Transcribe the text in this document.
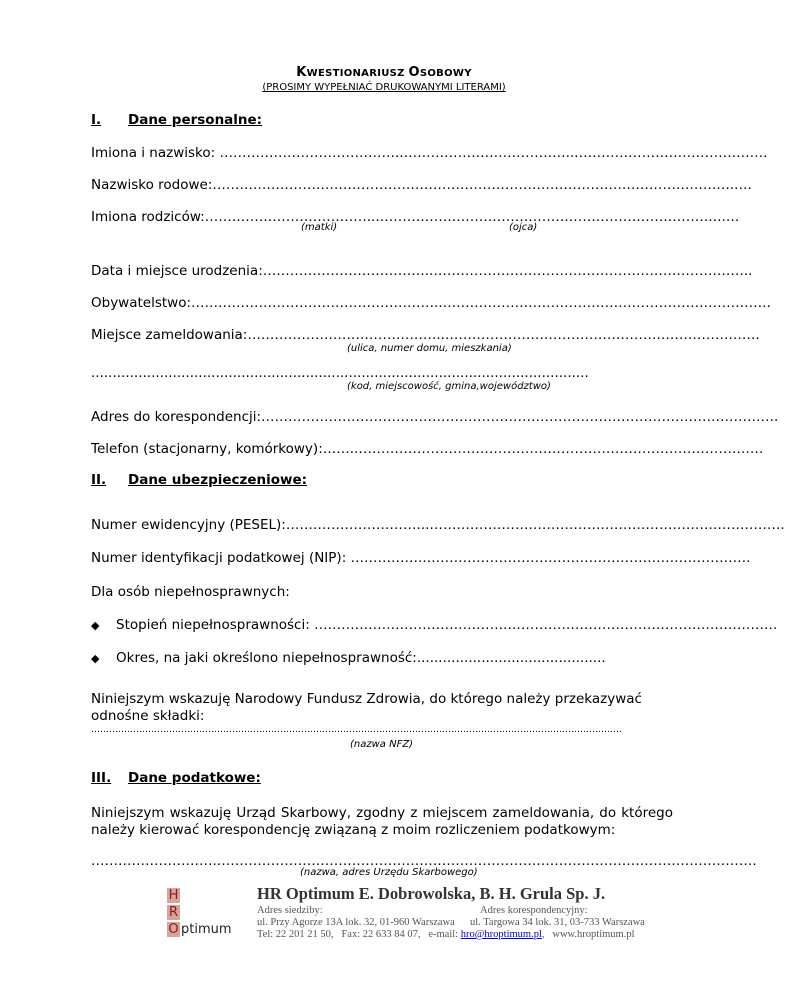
KWESTIONARIUSZ OSOBOWY
(PROSIMY WYPEŁNIAĆ DRUKOWANYMI LITERAMI)
I. Dane personalne:
Imiona i nazwisko: …………………………………..………………………………..…………………………………….
Nazwisko rodowe:……………………………………………………………………………………………………..….
Imiona rodziców:………………………………..…………………………………………………………………..….
(matki)	(ojca)
Data i miejsce urodzenia:………………………………..……………………………………………………………..
Obywatelstwo:………………………………………………..……………………………………………………………….
Miejsce zameldowania:……………………………………..…………………………………………………………….
(ulica, numer domu, mieszkania)
....................................................................................................................
(kod, miejscowość, gmina,województwo)
Adres do korespondencji:…………………………………………………………………………………………………….
Telefon (stacjonarny, komórkowy):……..………………………………………………………………………………
II. Dane ubezpieczeniowe:
Numer ewidencyjny (PESEL):…………………………..…………………………………………………………………….
Numer identyfikacji podatkowej (NIP): ……………..………………………………………………………………
Dla osób niepełnosprawnych:
◆ Stopień niepełnosprawności: …………………………………….……………………………………………………
◆ Okres, na jaki określono niepełnosprawność:............................................
Niniejszym wskazuję Narodowy Fundusz Zdrowia, do którego należy przekazywać odnośne składki:
……………………………………………………………………………………………………………………………………………………………
(nazwa NFZ)
III. Dane podatkowe:
Niniejszym wskazuję Urząd Skarbowy, zgodny z miejscem zameldowania, do którego należy kierować korespondencję związaną z moim rozliczeniem podatkowym:
……………………….…………………………………………………………………………………………………………
(nazwa, adres Urzędu Skarbowego)
H
R
O ptimum
HR Optimum E. Dobrowolska, B. H. Grula Sp. J.
Adres siedziby:	Adres korespondencyjny:
ul. Przy Agorze 13A lok. 32, 01-960 Warszawa ul. Targowa 34 lok. 31, 03-733 Warszawa
Tel: 22 201 21 50, Fax: 22 633 84 07, e-mail: hro@hroptimum.pl, www.hroptimum.pl
